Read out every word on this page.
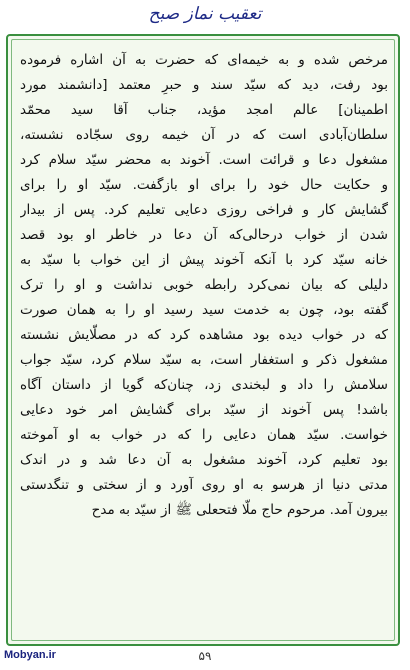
تعقیب نماز صبح
مرخص شده و به خیمه‌ای که حضرت به آن اشاره فرموده
بود رفت، دید که سیّد سند و حبرِ معتمد [دانشمند مورد
اطمینان] عالم امجد مؤید، جناب آقا سید محمّد
سلطان‌آبادی است که در آن خیمه روی سجّاده نشسته،
مشغول دعا و قرائت است. آخوند به محضر سیّد سلام کرد
و حکایت حال خود را برای او بازگفت. سیّد او را برای
گشایش کار و فراخی روزی دعایی تعلیم کرد. پس از بیدار
شدن از خواب درحالی‌که آن دعا در خاطر او بود قصد
خانه سیّد کرد با آنکه آخوند پیش از این خواب با سیّد به
دلیلی که بیان نمی‌کرد رابطه خوبی نداشت و او را ترک
گفته بود، چون به خدمت سید رسید او را به همان صورت
که در خواب دیده بود مشاهده کرد که در مصلّایش نشسته
مشغول ذکر و استغفار است، به سیّد سلام کرد، سیّد جواب
سلامش را داد و لبخندی زد، چنان‌که گویا از داستان آگاه
باشد! پس آخوند از سیّد برای گشایش امر خود دعایی
خواست. سیّد همان دعایی را که در خواب به او آموخته
بود تعلیم کرد، آخوند مشغول به آن دعا شد و در اندک
مدتی دنیا از هرسو به او روی آورد و از سختی و تنگدستی
بیرون آمد. مرحوم حاج ملّا فتحعلی ﷺ از سیّد به مدح
Mobyan.ir	۵۹
